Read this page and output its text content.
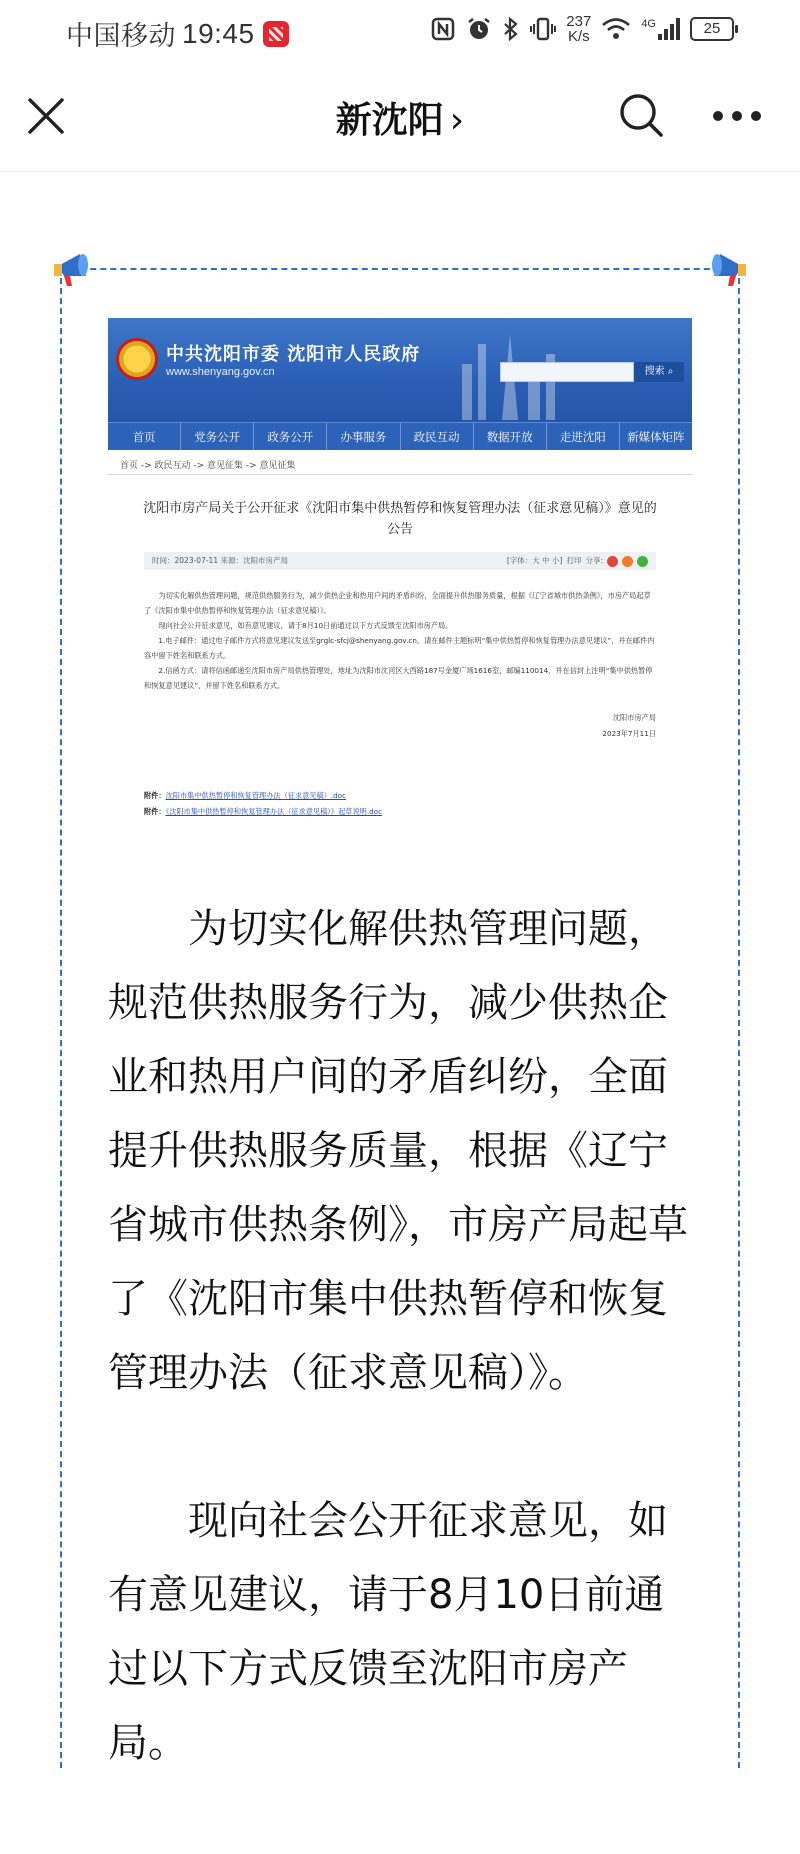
中国移动 19:45	237
K/s
4G	25
新沈阳 ›
中共沈阳市委 沈阳市人民政府
www.shenyang.gov.cn	搜索 ⌕
首页	党务公开	政务公开	办事服务	政民互动	数据开放	走进沈阳	新媒体矩阵
首页 -> 政民互动 -> 意见征集 -> 意见征集
沈阳市房产局关于公开征求《沈阳市集中供热暂停和恢复管理办法（征求意见稿）》意见的公告
时间：2023-07-11 来源：沈阳市房产局	[字体：大 中 小] 打印 分享:

为切实化解供热管理问题，规范供热服务行为，减少供热企业和热用户间的矛盾纠纷，全面提升供热服务质量，根据《辽宁省城市供热条例》，市房产局起草了《沈阳市集中供热暂停和恢复管理办法（征求意见稿）》。

现向社会公开征求意见，如有意见建议，请于8月10日前通过以下方式反馈至沈阳市房产局。

1.电子邮件：通过电子邮件方式将意见建议发送至grglc-sfcj@shenyang.gov.cn，请在邮件主题标明“集中供热暂停和恢复管理办法意见建议”，并在邮件内容中留下姓名和联系方式。

2.信函方式：请将信函邮递至沈阳市房产局供热管理处，地址为沈阳市沈河区大西路187号金厦广场1616室，邮编110014，并在信封上注明“集中供热暂停和恢复意见建议”，并留下姓名和联系方式。

沈阳市房产局
2023年7月11日
附件：沈阳市集中供热暂停和恢复管理办法（征求意见稿）.doc
附件：《沈阳市集中供热暂停和恢复管理办法（征求意见稿）》起草说明.doc

为切实化解供热管理问题，规范供热服务行为，减少供热企业和热用户间的矛盾纠纷，全面提升供热服务质量，根据《辽宁省城市供热条例》，市房产局起草了《沈阳市集中供热暂停和恢复管理办法（征求意见稿）》。

现向社会公开征求意见，如有意见建议，请于8月10日前通过以下方式反馈至沈阳市房产局。
